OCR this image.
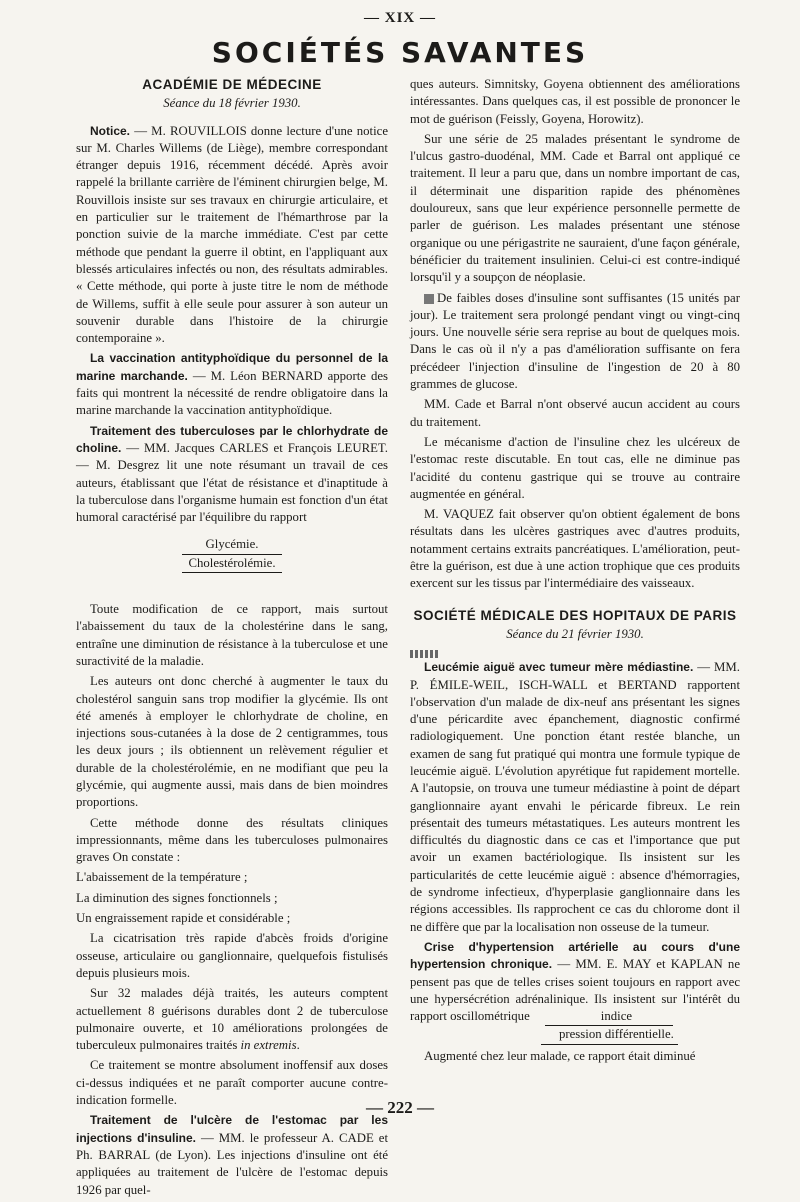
— XIX —
SOCIÉTÉS SAVANTES
ACADÉMIE DE MÉDECINE
Séance du 18 février 1930.

Notice. — M. ROUVILLOIS donne lecture d'une notice sur M. Charles Willems (de Liège), membre correspondant étranger depuis 1916, récemment décédé. Après avoir rappelé la brillante carrière de l'éminent chirurgien belge, M. Rouvillois insiste sur ses travaux en chirurgie articulaire, et en particulier sur le traitement de l'hémarthrose par la ponction suivie de la marche immédiate. C'est par cette méthode que pendant la guerre il obtint, en l'appliquant aux blessés articulaires infectés ou non, des résultats admirables. « Cette méthode, qui porte à juste titre le nom de méthode de Willems, suffit à elle seule pour assurer à son auteur un souvenir durable dans l'histoire de la chirurgie contemporaine ».

La vaccination antityphoïdique du personnel de la marine marchande. — M. Léon BERNARD apporte des faits qui montrent la nécessité de rendre obligatoire dans la marine marchande la vaccination antityphoïdique.

Traitement des tuberculoses par le chlorhydrate de choline. — MM. Jacques CARLES et François LEURET. — M. Desgrez lit une note résumant un travail de ces auteurs, établissant que l'état de résistance et d'inaptitude à la tuberculose dans l'organisme humain est fonction d'un état humoral caractérisé par l'équilibre du rapport

$\frac{\text{Glycémie.}}{\text{Cholestérolémie.}}$

Toute modification de ce rapport, mais surtout l'abaissement du taux de la cholestérine dans le sang, entraîne une diminution de résistance à la tuberculose et une suractivité de la maladie.

Les auteurs ont donc cherché à augmenter le taux du cholestérol sanguin sans trop modifier la glycémie. Ils ont été amenés à employer le chlorhydrate de choline, en injections sous-cutanées à la dose de 2 centigrammes, tous les deux jours ; ils obtiennent un relèvement régulier et durable de la cholestérolémie, en ne modifiant que peu la glycémie, qui augmente aussi, mais dans de bien moindres proportions.

Cette méthode donne des résultats cliniques impressionnants, même dans les tuberculoses pulmonaires graves On constate :

L'abaissement de la température ;

La diminution des signes fonctionnels ;

Un engraissement rapide et considérable ;

La cicatrisation très rapide d'abcès froids d'origine osseuse, articulaire ou ganglionnaire, quelquefois fistulisés depuis plusieurs mois.

Sur 32 malades déjà traités, les auteurs comptent actuellement 8 guérisons durables dont 2 de tuberculose pulmonaire ouverte, et 10 améliorations prolongées de tuberculeux pulmonaires traités in extremis.

Ce traitement se montre absolument inoffensif aux doses ci-dessus indiquées et ne paraît comporter aucune contre-indication formelle.

Traitement de l'ulcère de l'estomac par les injections d'insuline. — MM. le professeur A. CADE et Ph. BARRAL (de Lyon). Les injections d'insuline ont été appliquées au traitement de l'ulcère de l'estomac depuis 1926 par quel-

ques auteurs. Simnitsky, Goyena obtiennent des améliorations intéressantes. Dans quelques cas, il est possible de prononcer le mot de guérison (Feissly, Goyena, Horowitz).

Sur une série de 25 malades présentant le syndrome de l'ulcus gastro-duodénal, MM. Cade et Barral ont appliqué ce traitement. Il leur a paru que, dans un nombre important de cas, il déterminait une disparition rapide des phénomènes douloureux, sans que leur expérience personnelle permette de parler de guérison. Les malades présentant une sténose organique ou une périgastrite ne sauraient, d'une façon générale, bénéficier du traitement insulinien. Celui-ci est contre-indiqué lorsqu'il y a soupçon de néoplasie.

De faibles doses d'insuline sont suffisantes (15 unités par jour). Le traitement sera prolongé pendant vingt ou vingt-cinq jours. Une nouvelle série sera reprise au bout de quelques mois. Dans le cas où il n'y a pas d'amélioration suffisante on fera précédeer l'injection d'insuline de l'ingestion de 20 à 80 grammes de glucose.

MM. Cade et Barral n'ont observé aucun accident au cours du traitement.

Le mécanisme d'action de l'insuline chez les ulcéreux de l'estomac reste discutable. En tout cas, elle ne diminue pas l'acidité du contenu gastrique qui se trouve au contraire augmentée en général.

M. VAQUEZ fait observer qu'on obtient également de bons résultats dans les ulcères gastriques avec d'autres produits, notamment certains extraits pancréatiques. L'amélioration, peut-être la guérison, est due à une action trophique que ces produits exercent sur les tissus par l'intermédiaire des vaisseaux.

SOCIÉTÉ MÉDICALE DES HOPITAUX DE PARIS
Séance du 21 février 1930.

Leucémie aiguë avec tumeur mère médiastine. — MM. P. ÉMILE-WEIL, ISCH-WALL et BERTAND rapportent l'observation d'un malade de dix-neuf ans présentant les signes d'une péricardite avec épanchement, diagnostic confirmé radiologiquement. Une ponction étant restée blanche, un examen de sang fut pratiqué qui montra une formule typique de leucémie aiguë. L'évolution apyrétique fut rapidement mortelle. A l'autopsie, on trouva une tumeur médiastine à point de départ ganglionnaire ayant envahi le péricarde fibreux. Le rein présentait des tumeurs métastatiques. Les auteurs montrent les difficultés du diagnostic dans ce cas et l'importance que put avoir un examen bactériologique. Ils insistent sur les particularités de cette leucémie aiguë : absence d'hémorragies, de syndrome infectieux, d'hyperplasie ganglionnaire dans les régions accessibles. Ils rapprochent ce cas du chlorome dont il ne diffère que par la localisation non osseuse de la tumeur.

Crise d'hypertension artérielle au cours d'une hypertension chronique. — MM. E. MAY et KAPLAN ne pensent pas que de telles crises soient toujours en rapport avec une hypersécrétion adrénalinique. Ils insistent sur l'intérêt du rapport oscillométrique $\frac{\text{indice}}{\text{pression différentielle.}}$

Augmenté chez leur malade, ce rapport était diminué

— 222 —
